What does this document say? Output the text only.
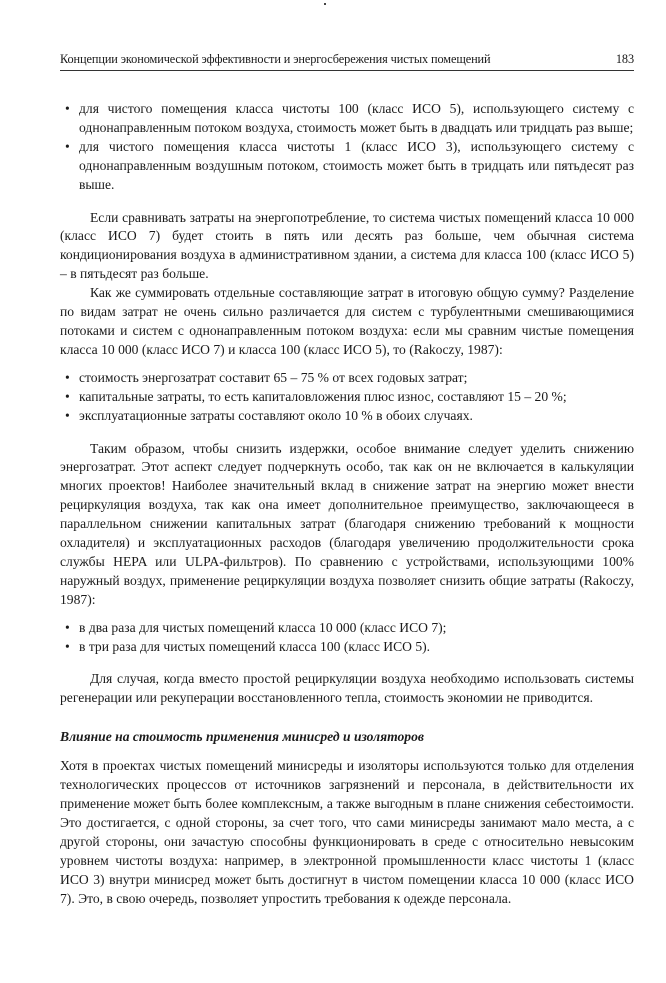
Концепции экономической эффективности и энергосбережения чистых помещений	183
• для чистого помещения класса чистоты 100 (класс ИСО 5), использующего систему с однонаправленным потоком воздуха, стоимость может быть в двадцать или тридцать раз выше;
• для чистого помещения класса чистоты 1 (класс ИСО 3), использующего систему с однонаправленным воздушным потоком, стоимость может быть в тридцать или пятьдесят раз выше.

Если сравнивать затраты на энергопотребление, то система чистых помещений класса 10 000 (класс ИСО 7) будет стоить в пять или десять раз больше, чем обычная система кондиционирования воздуха в административном здании, а система для класса 100 (класс ИСО 5) – в пятьдесят раз больше.

Как же суммировать отдельные составляющие затрат в итоговую общую сумму? Разделение по видам затрат не очень сильно различается для систем с турбулентными смешивающимися потоками и систем с однонаправленным потоком воздуха: если мы сравним чистые помещения класса 10 000 (класс ИСО 7) и класса 100 (класс ИСО 5), то (Rakoczy, 1987):

• стоимость энергозатрат составит 65 – 75 % от всех годовых затрат;
• капитальные затраты, то есть капиталовложения плюс износ, составляют 15 – 20 %;
• эксплуатационные затраты составляют около 10 % в обоих случаях.

Таким образом, чтобы снизить издержки, особое внимание следует уделить снижению энергозатрат. Этот аспект следует подчеркнуть особо, так как он не включается в калькуляции многих проектов! Наиболее значительный вклад в снижение затрат на энергию может внести рециркуляция воздуха, так как она имеет дополнительное преимущество, заключающееся в параллельном снижении капитальных затрат (благодаря снижению требований к мощности охладителя) и эксплуатационных расходов (благодаря увеличению продолжительности срока службы HEPA или ULPA-фильтров). По сравнению с устройствами, использующими 100% наружный воздух, применение рециркуляции воздуха позволяет снизить общие затраты (Rakoczy, 1987):

• в два раза для чистых помещений класса 10 000 (класс ИСО 7);
• в три раза для чистых помещений класса 100 (класс ИСО 5).

Для случая, когда вместо простой рециркуляции воздуха необходимо использовать системы регенерации или рекуперации восстановленного тепла, стоимость экономии не приводится.

Влияние на стоимость применения минисред и изоляторов

Хотя в проектах чистых помещений минисреды и изоляторы используются только для отделения технологических процессов от источников загрязнений и персонала, в действительности их применение может быть более комплексным, а также выгодным в плане снижения себестоимости. Это достигается, с одной стороны, за счет того, что сами минисреды занимают мало места, а с другой стороны, они зачастую способны функционировать в среде с относительно невысоким уровнем чистоты воздуха: например, в электронной промышленности класс чистоты 1 (класс ИСО 3) внутри минисред может быть достигнут в чистом помещении класса 10 000 (класс ИСО 7). Это, в свою очередь, позволяет упростить требования к одежде персонала.
